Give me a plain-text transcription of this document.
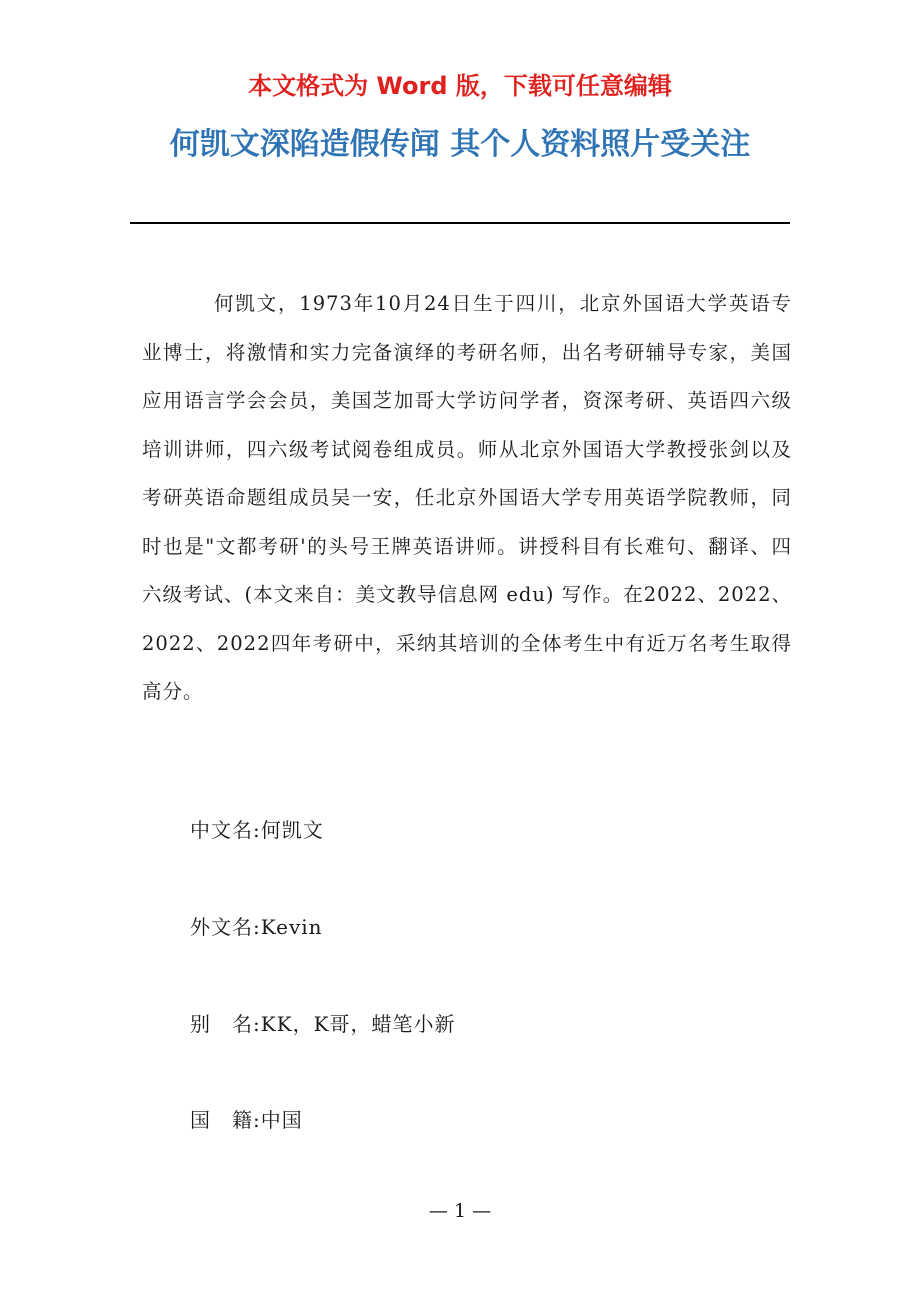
本文格式为 Word 版，下载可任意编辑
何凯文深陷造假传闻 其个人资料照片受关注

何凯文，1973年10月24日生于四川，北京外国语大学英语专业博士，将激情和实力完备演绎的考研名师，出名考研辅导专家，美国应用语言学会会员，美国芝加哥大学访问学者，资深考研、英语四六级培训讲师，四六级考试阅卷组成员。师从北京外国语大学教授张剑以及考研英语命题组成员吴一安，任北京外国语大学专用英语学院教师，同时也是"文都考研'的头号王牌英语讲师。讲授科目有长难句、翻译、四六级考试、(本文来自：美文教导信息网 edu) 写作。在2022、2022、2022、2022四年考研中，采纳其培训的全体考生中有近万名考生取得高分。

中文名:何凯文

外文名:Kevin

别　名:KK，K哥，蜡笔小新

国　籍:中国

— 1 —
